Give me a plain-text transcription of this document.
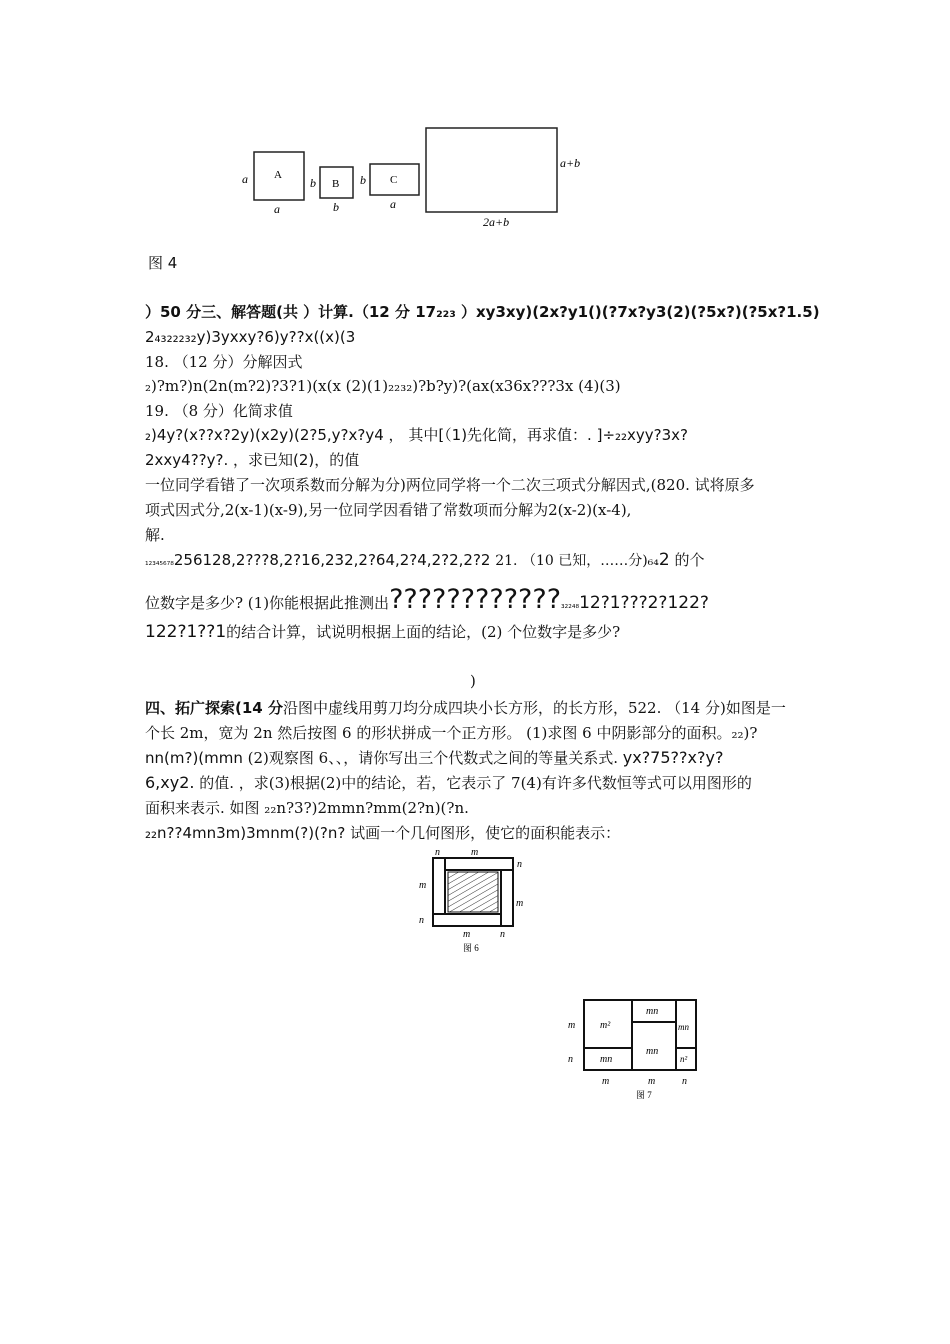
a A
a
b B
b
b C
a
a+b
2a+b
图 4
）50 分三、解答题(共 ）计算.（12 分 17₂₂₃ ）xy3xy)(2x?y1()(?7x?y3(2)(?5x?)(?5x?1.5)
2₄₃₂₂₂₃₂y)3yxxy?6)y??x((x)(3
18. （12 分）分解因式
₂)?m?)n(2n(m?2)?3?1)(x(x (2)(1)₂₂₃₂)?b?y)?(ax(x36x???3x (4)(3)
19. （8 分）化简求值
₂)4y?(x??x?2y)(x2y)(2?5,y?x?y4 ， 其中[（1)先化简，再求值：. ]÷₂₂xyy?3x?
2xxy4??y?. ，求已知(2)，的值
一位同学看错了一次项系数而分解为分)两位同学将一个二次三项式分解因式,(820. 试将原多
项式因式分,2(x-1)(x-9),另一位同学因看错了常数项而分解为2(x-2)(x-4),
解.
₁₂₃₄₅₆₇₈256128,2???8,2?16,232,2?64,2?4,2?2,2?2 21. （10 已知，……分)₆₄2 的个
位数字是多少? (1)你能根据此推测出????????????₃₂₂₄₈12?1???2?122?
122?1??1的结合计算，试说明根据上面的结论，(2) 个位数字是多少?
)
四、拓广探索(14 分沿图中虚线用剪刀均分成四块小长方形，的长方形，522. （14 分)如图是一
个长 2m，宽为 2n 然后按图 6 的形状拼成一个正方形。 (1)求图 6 中阴影部分的面积。₂₂)?
nn(m?)(mmn (2)观察图 6、、，请你写出三个代数式之间的等量关系式. yx?75??x?y?
6,xy2. 的值. ，求(3)根据(2)中的结论，若，它表示了 7(4)有许多代数恒等式可以用图形的
面积来表示. 如图 ₂₂n?3?)2mmn?mm(2?n)(?n.
₂₂n??4mn3m)3mnm(?)(?n? 试画一个几何图形，使它的面积能表示：
n	m
n
m
m
n
m	n
图 6
m²
mn
mn
m
n	mn
mn
n²
m	m	n
图 7
